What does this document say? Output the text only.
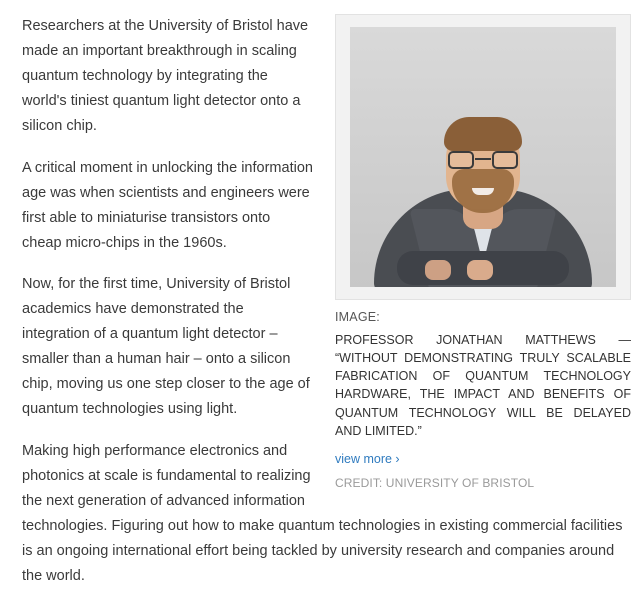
IMAGE:

PROFESSOR JONATHAN MATTHEWS — “WITHOUT DEMONSTRATING TRULY SCALABLE FABRICATION OF QUANTUM TECHNOLOGY HARDWARE, THE IMPACT AND BENEFITS OF QUANTUM TECHNOLOGY WILL BE DELAYED AND LIMITED.”

view more ›
CREDIT: UNIVERSITY OF BRISTOL

Researchers at the University of Bristol have made an important breakthrough in scaling quantum technology by integrating the world's tiniest quantum light detector onto a silicon chip.

A critical moment in unlocking the information age was when scientists and engineers were first able to miniaturise transistors onto cheap micro-chips in the 1960s.

Now, for the first time, University of Bristol academics have demonstrated the integration of a quantum light detector – smaller than a human hair – onto a silicon chip, moving us one step closer to the age of quantum technologies using light.

Making high performance electronics and photonics at scale is fundamental to realizing the next generation of advanced information technologies. Figuring out how to make quantum technologies in existing commercial facilities is an ongoing international effort being tackled by university research and companies around the world.
